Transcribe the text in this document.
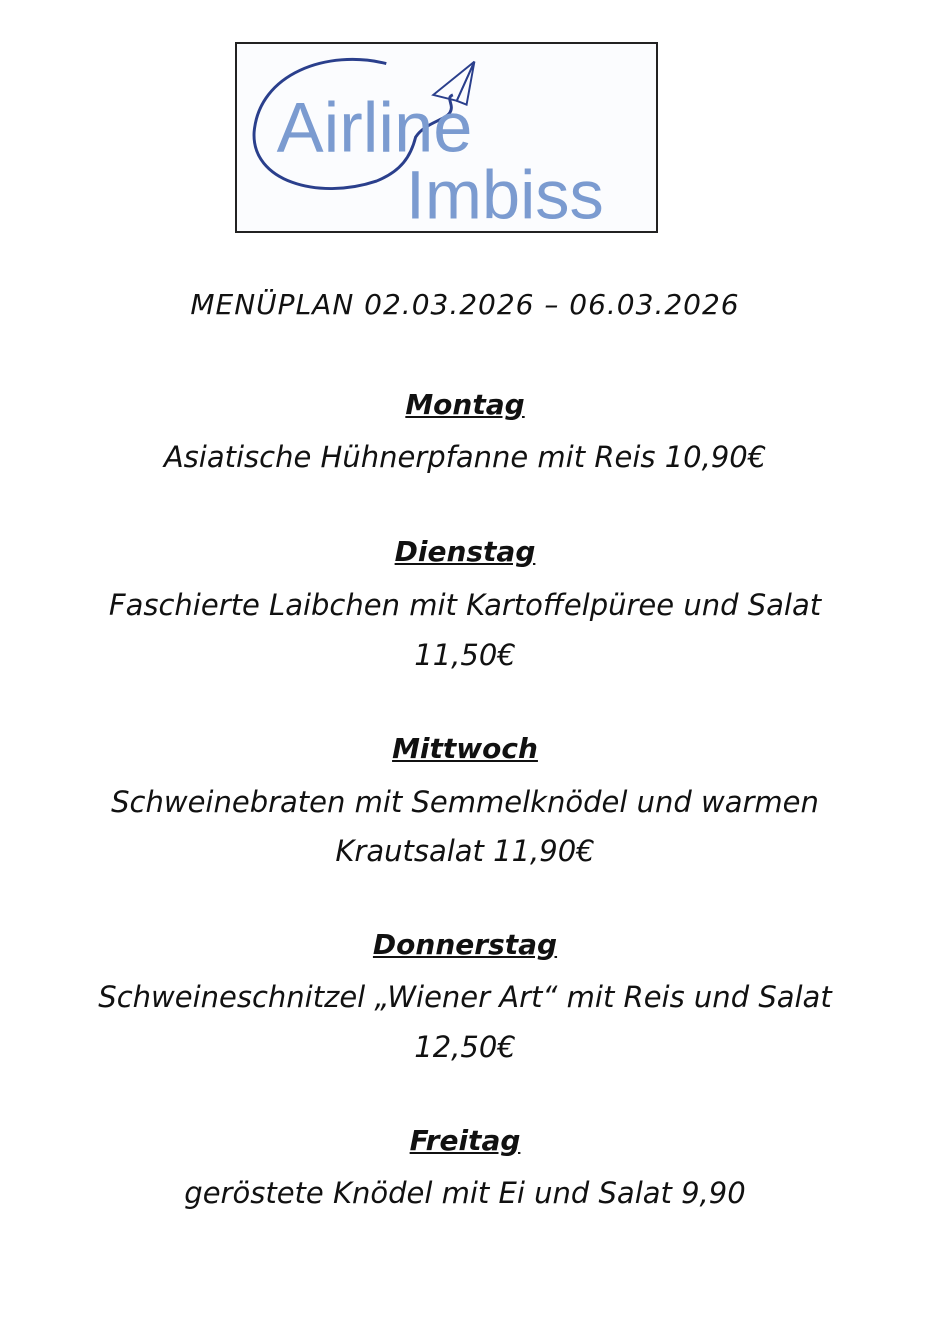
Airline
Imbiss
MENÜPLAN 02.03.2026 – 06.03.2026
Montag
Asiatische Hühnerpfanne mit Reis 10,90€
Dienstag
Faschierte Laibchen mit Kartoffelpüree und Salat
11,50€
Mittwoch
Schweinebraten mit Semmelknödel und warmen
Krautsalat 11,90€
Donnerstag
Schweineschnitzel „Wiener Art“ mit Reis und Salat
12,50€
Freitag
geröstete Knödel mit Ei und Salat 9,90
